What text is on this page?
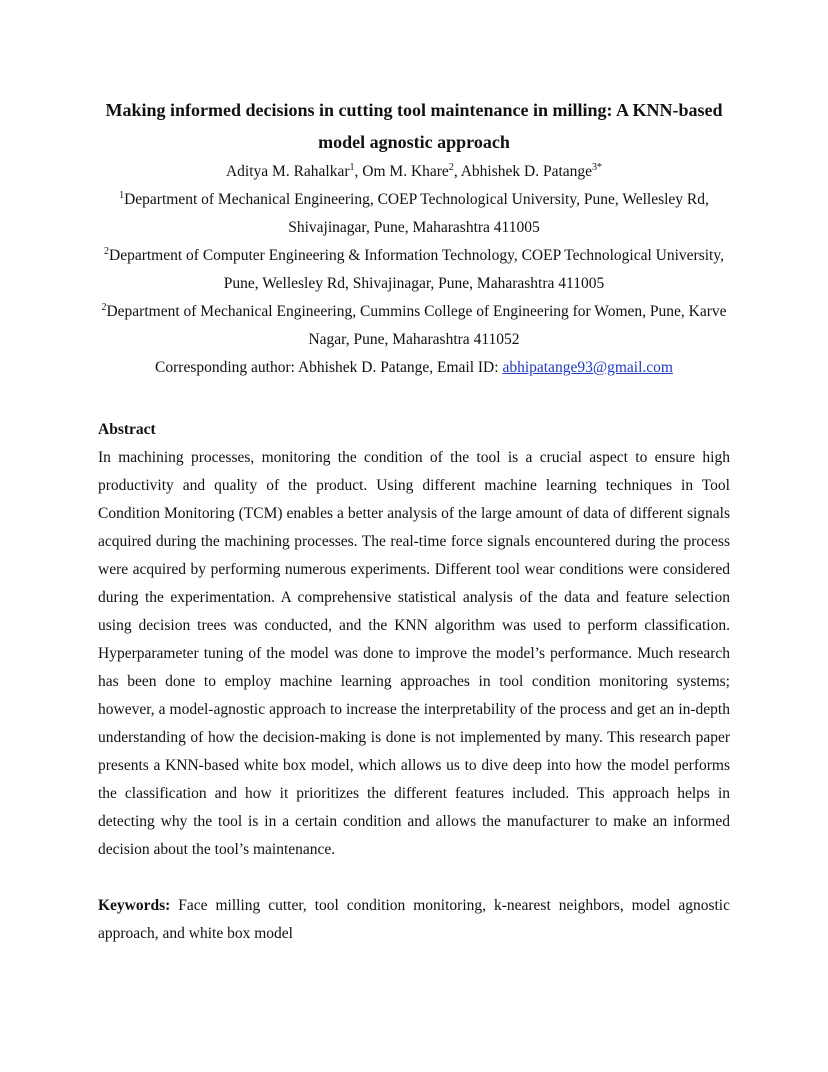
Making informed decisions in cutting tool maintenance in milling: A KNN-based model agnostic approach

Aditya M. Rahalkar$^1$, Om M. Khare$^2$, Abhishek D. Patange$^{3*}$

$^1$Department of Mechanical Engineering, COEP Technological University, Pune, Wellesley Rd, Shivajinagar, Pune, Maharashtra 411005

$^2$Department of Computer Engineering & Information Technology, COEP Technological University, Pune, Wellesley Rd, Shivajinagar, Pune, Maharashtra 411005

$^2$Department of Mechanical Engineering, Cummins College of Engineering for Women, Pune, Karve Nagar, Pune, Maharashtra 411052

Corresponding author: Abhishek D. Patange, Email ID: abhipatange93@gmail.com

Abstract

In machining processes, monitoring the condition of the tool is a crucial aspect to ensure high productivity and quality of the product. Using different machine learning techniques in Tool Condition Monitoring (TCM) enables a better analysis of the large amount of data of different signals acquired during the machining processes. The real-time force signals encountered during the process were acquired by performing numerous experiments. Different tool wear conditions were considered during the experimentation. A comprehensive statistical analysis of the data and feature selection using decision trees was conducted, and the KNN algorithm was used to perform classification. Hyperparameter tuning of the model was done to improve the model’s performance. Much research has been done to employ machine learning approaches in tool condition monitoring systems; however, a model-agnostic approach to increase the interpretability of the process and get an in-depth understanding of how the decision-making is done is not implemented by many. This research paper presents a KNN-based white box model, which allows us to dive deep into how the model performs the classification and how it prioritizes the different features included. This approach helps in detecting why the tool is in a certain condition and allows the manufacturer to make an informed decision about the tool’s maintenance.

Keywords: Face milling cutter, tool condition monitoring, k-nearest neighbors, model agnostic approach, and white box model
